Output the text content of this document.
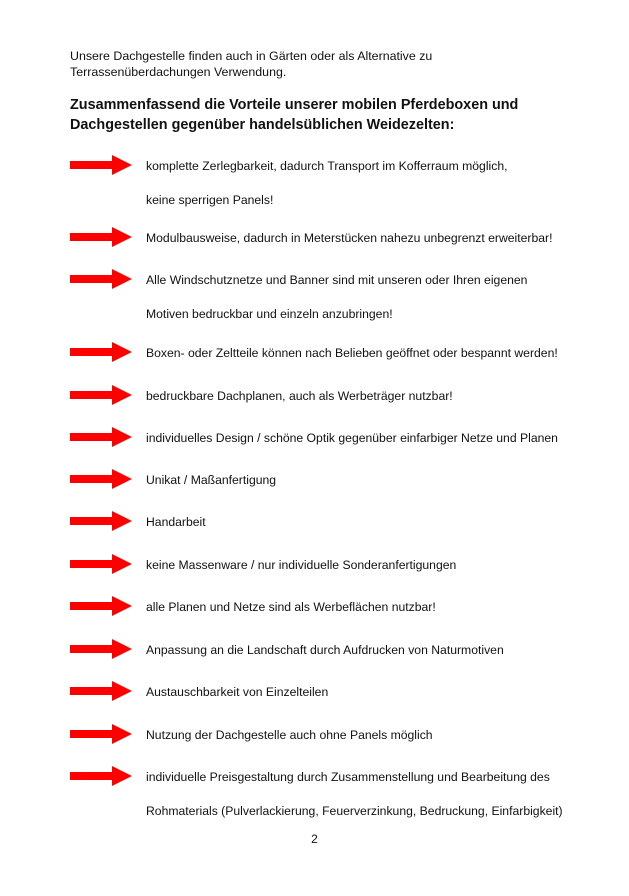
Unsere Dachgestelle finden auch in Gärten oder als Alternative zu Terrassenüberdachungen Verwendung.

Zusammenfassend die Vorteile unserer mobilen Pferdeboxen und Dachgestellen gegenüber handelsüblichen Weidezelten:

komplette Zerlegbarkeit, dadurch Transport im Kofferraum möglich,

keine sperrigen Panels!

Modulbausweise, dadurch in Meterstücken nahezu unbegrenzt erweiterbar!

Alle Windschutznetze und Banner sind mit unseren oder Ihren eigenen

Motiven bedruckbar und einzeln anzubringen!

Boxen- oder Zeltteile können nach Belieben geöffnet oder bespannt werden!

bedruckbare Dachplanen, auch als Werbeträger nutzbar!

individuelles Design / schöne Optik gegenüber einfarbiger Netze und Planen

Unikat / Maßanfertigung

Handarbeit

keine Massenware / nur individuelle Sonderanfertigungen

alle Planen und Netze sind als Werbeflächen nutzbar!

Anpassung an die Landschaft durch Aufdrucken von Naturmotiven

Austauschbarkeit von Einzelteilen

Nutzung der Dachgestelle auch ohne Panels möglich

individuelle Preisgestaltung durch Zusammenstellung und Bearbeitung des

Rohmaterials (Pulverlackierung, Feuerverzinkung, Bedruckung, Einfarbigkeit)

2
